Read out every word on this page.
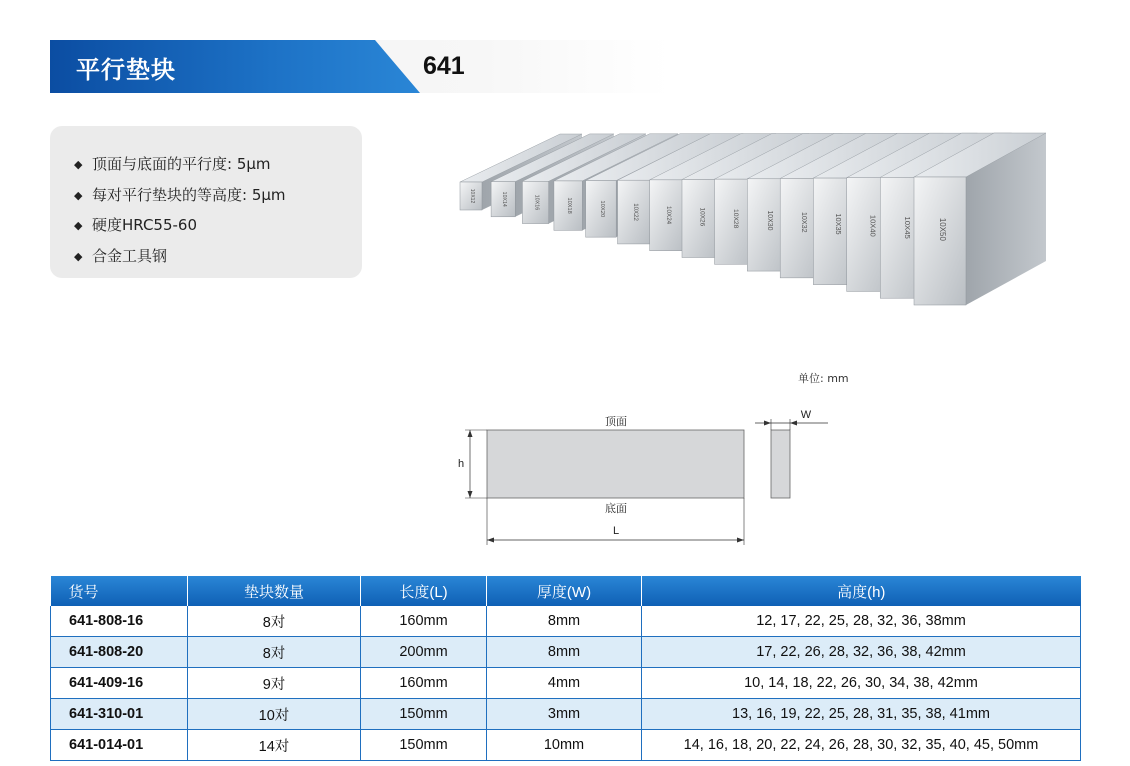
平行垫块	641
◆ 顶面与底面的平行度: 5μm
◆ 每对平行垫块的等高度: 5μm
◆ 硬度HRC55-60
◆ 合金工具钢
10X12	10X14	10X16	10X18	10X20	10X22	10X24	10X26	10X28	10X30	10X32	10X35	10X40	10X45	10X50
单位: mm
顶面
底面
h
L
W
货号	垫块数量	长度(L)	厚度(W)	高度(h)
641-808-16	8对	160mm	8mm	12, 17, 22, 25, 28, 32, 36, 38mm
641-808-20	8对	200mm	8mm	17, 22, 26, 28, 32, 36, 38, 42mm
641-409-16	9对	160mm	4mm	10, 14, 18, 22, 26, 30, 34, 38, 42mm
641-310-01	10对	150mm	3mm	13, 16, 19, 22, 25, 28, 31, 35, 38, 41mm
641-014-01	14对	150mm	10mm	14, 16, 18, 20, 22, 24, 26, 28, 30, 32, 35, 40, 45, 50mm
